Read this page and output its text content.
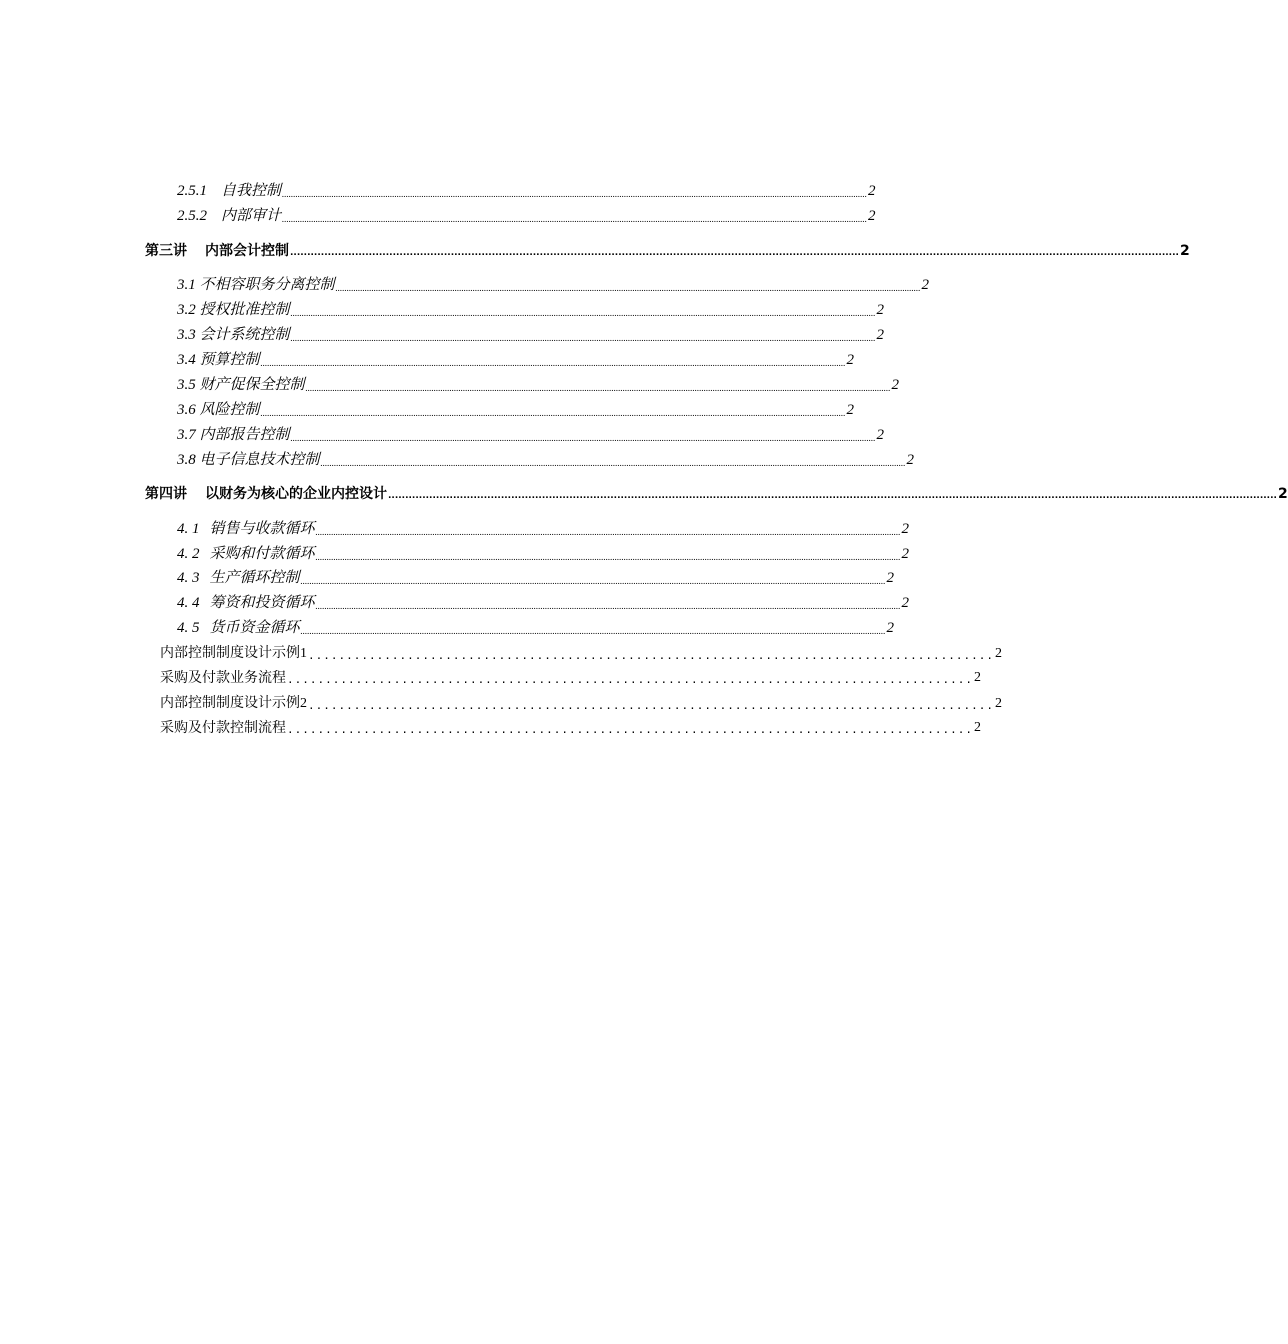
2.5.1 自我控制 .................................................................................................................................................................................................................................................................... 2
2.5.2 内部审计 .................................................................................................................................................................................................................................................................... 2
第三讲 内部会计控制 .................................................................................................................................................................................................................................................................... 2
3.1 不相容职务分离控制 .................................................................................................................................................................................................................................................................... 2
3.2 授权批准控制 .................................................................................................................................................................................................................................................................... 2
3.3 会计系统控制 .................................................................................................................................................................................................................................................................... 2
3.4 预算控制 .................................................................................................................................................................................................................................................................... 2
3.5 财产促保全控制 .................................................................................................................................................................................................................................................................... 2
3.6 风险控制 .................................................................................................................................................................................................................................................................... 2
3.7 内部报告控制 .................................................................................................................................................................................................................................................................... 2
3.8 电子信息技术控制 .................................................................................................................................................................................................................................................................... 2
第四讲 以财务为核心的企业内控设计 .................................................................................................................................................................................................................................................................... 2
4. 1 销售与收款循环 .................................................................................................................................................................................................................................................................... 2
4. 2 采购和付款循环 .................................................................................................................................................................................................................................................................... 2
4. 3 生产循环控制 .................................................................................................................................................................................................................................................................... 2
4. 4 筹资和投资循环 .................................................................................................................................................................................................................................................................... 2
4. 5 货币资金循环 .................................................................................................................................................................................................................................................................... 2
内部控制制度设计示例1 .......................................................................................... 2
采购及付款业务流程 .......................................................................................... 2
内部控制制度设计示例2 .......................................................................................... 2
采购及付款控制流程 .......................................................................................... 2
